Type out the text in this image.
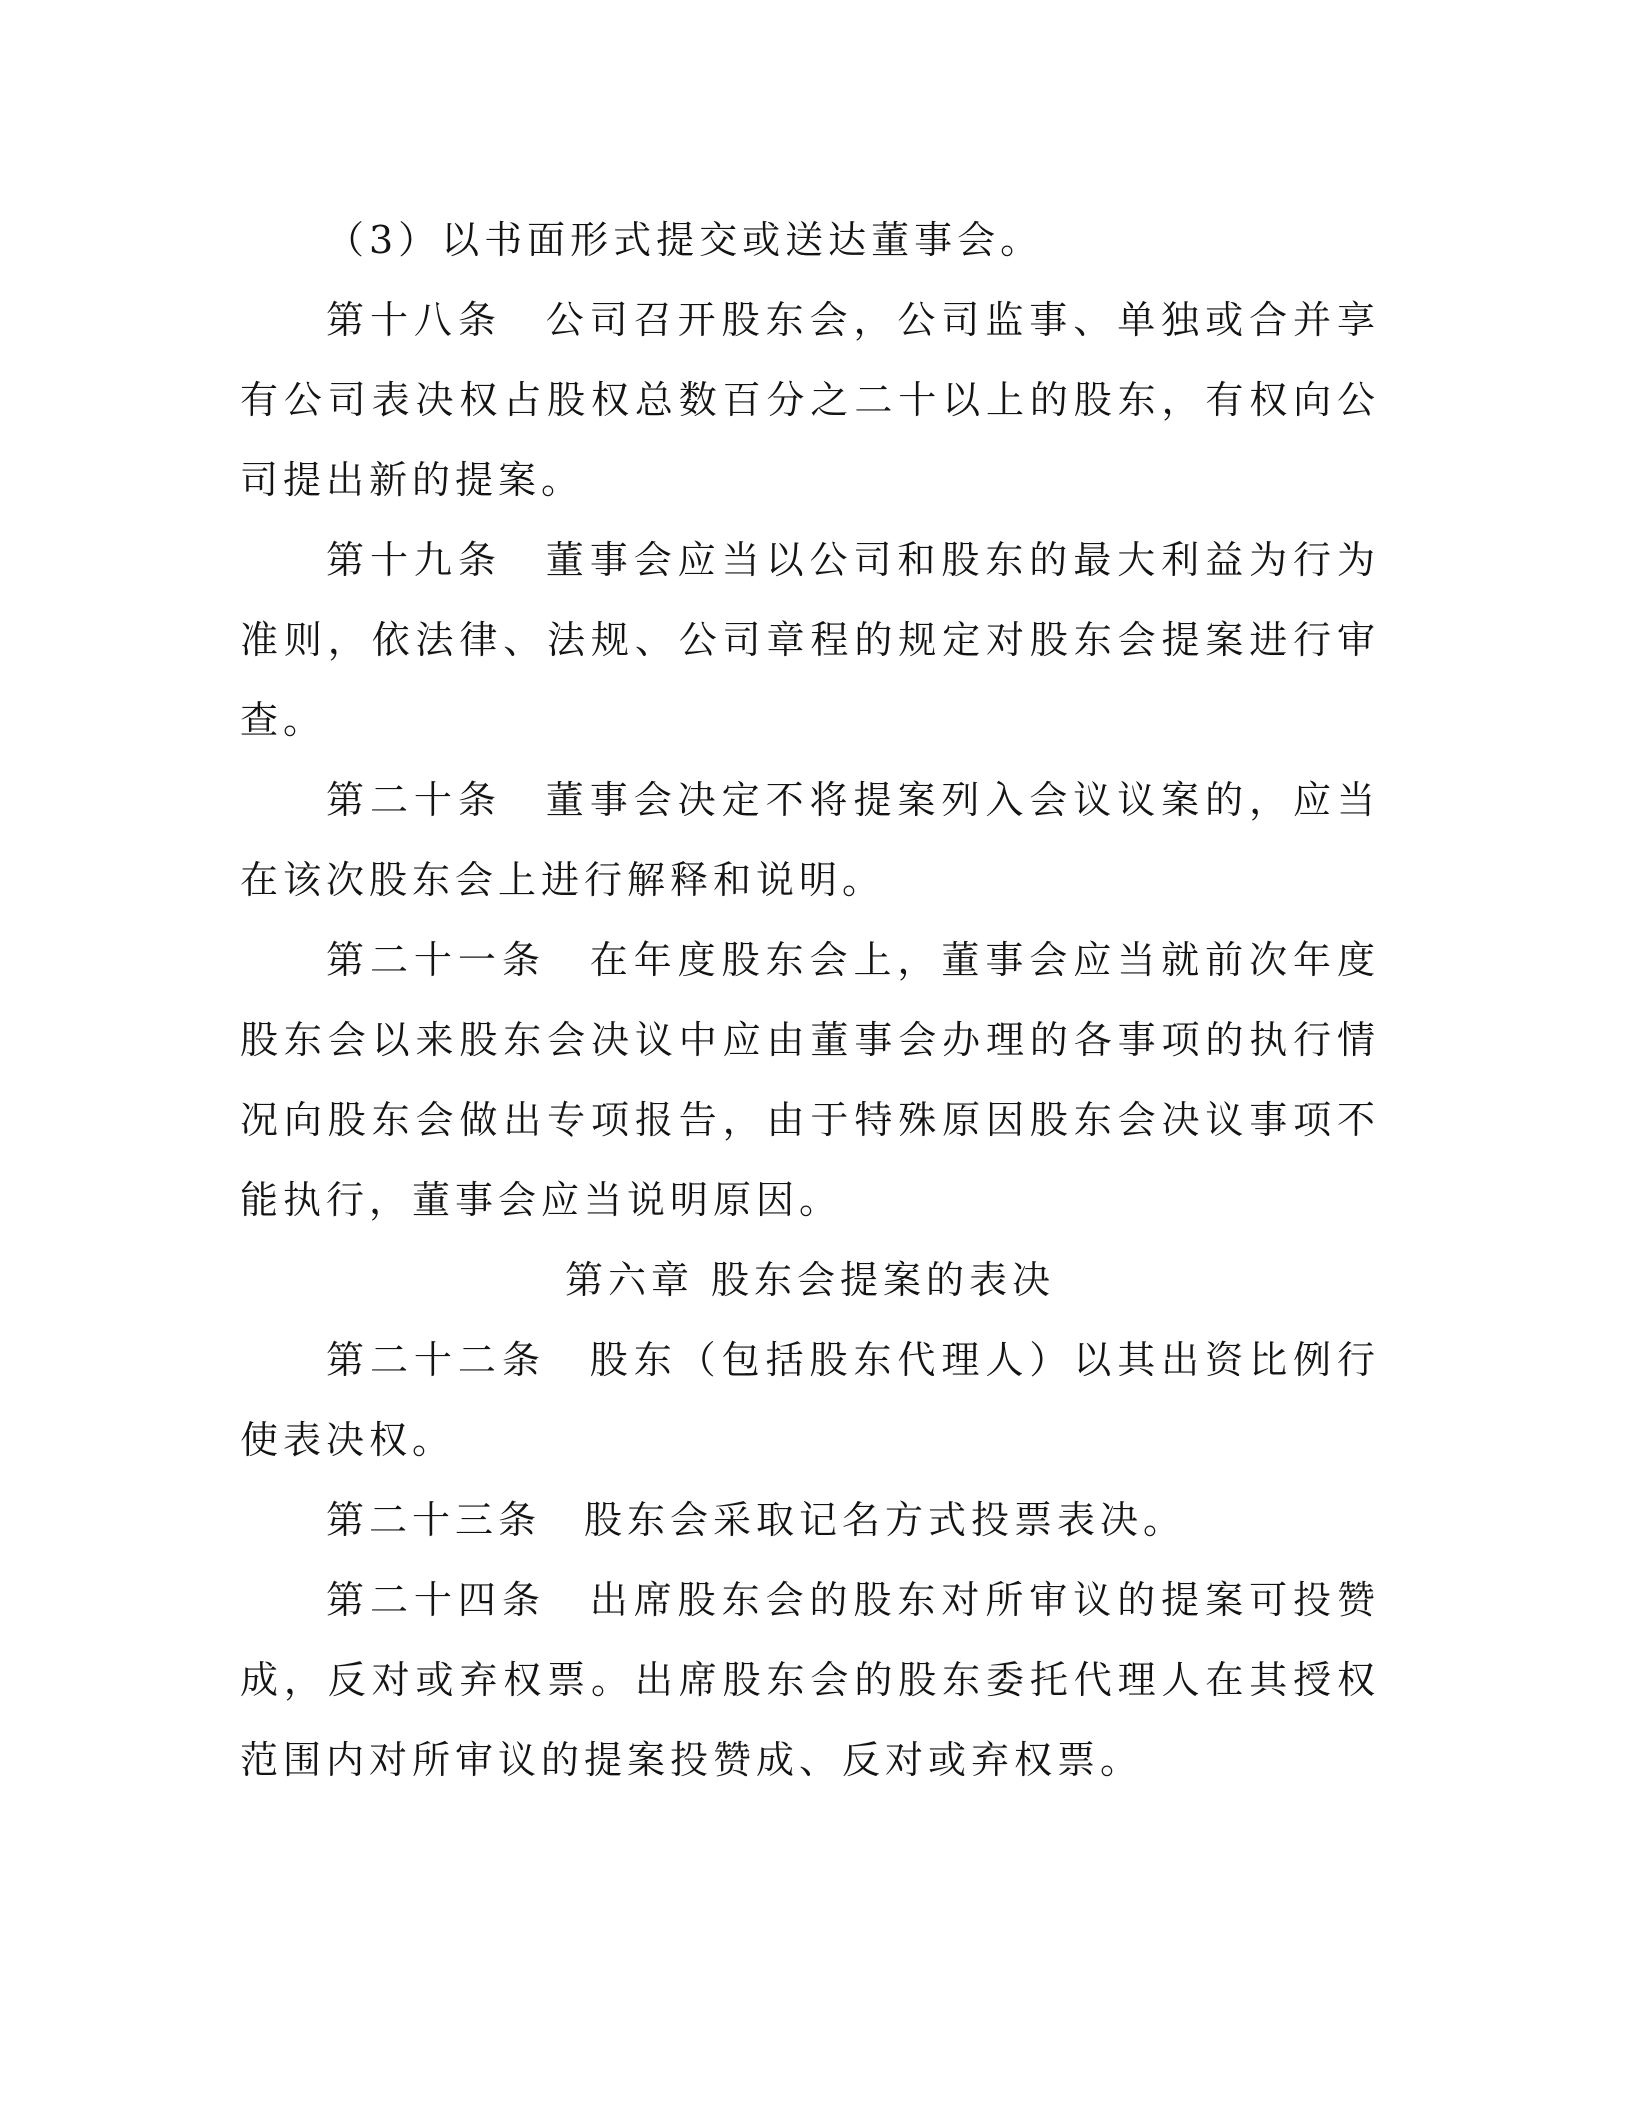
（3）以书面形式提交或送达董事会。

第十八条　 公司召开股东会，公司监事、单独或合并享有公司表决权占股权总数百分之二十以上的股东，有权向公司提出新的提案。

第十九条　 董事会应当以公司和股东的最大利益为行为准则，依法律、法规、公司章程的规定对股东会提案进行审查。

第二十条　 董事会决定不将提案列入会议议案的，应当在该次股东会上进行解释和说明。

第二十一条　 在年度股东会上，董事会应当就前次年度股东会以来股东会决议中应由董事会办理的各事项的执行情况向股东会做出专项报告，由于特殊原因股东会决议事项不能执行，董事会应当说明原因。

第六章 股东会提案的表决

第二十二条　 股东（包括股东代理人）以其出资比例行使表决权。

第二十三条　 股东会采取记名方式投票表决。

第二十四条　 出席股东会的股东对所审议的提案可投赞成，反对或弃权票。出席股东会的股东委托代理人在其授权范围内对所审议的提案投赞成、反对或弃权票。
